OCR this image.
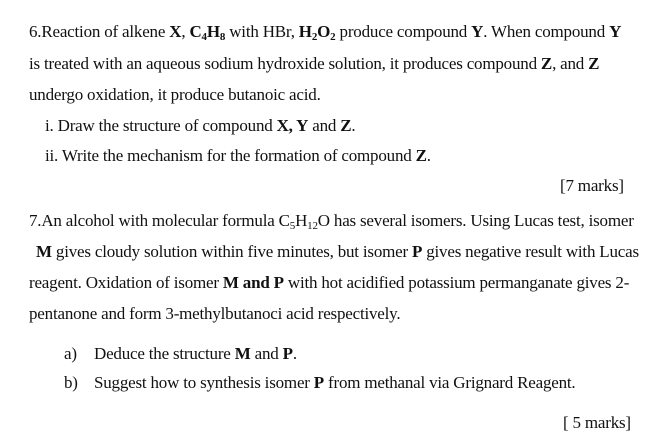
6.Reaction of alkene X, $C_4H_8$ with HBr, $H_2O_2$ produce compound Y. When compound Y
is treated with an aqueous sodium hydroxide solution, it produces compound Z, and Z
undergo oxidation, it produce butanoic acid.
i. Draw the structure of compound X, Y and Z.
ii. Write the mechanism for the formation of compound Z.
[7 marks]
7.An alcohol with molecular formula $C_5H_{12}O$ has several isomers. Using Lucas test, isomer
M gives cloudy solution within five minutes, but isomer P gives negative result with Lucas
reagent. Oxidation of isomer M and P with hot acidified potassium permanganate gives 2-
pentanone and form 3-methylbutanoci acid respectively.
a) Deduce the structure M and P.
b) Suggest how to synthesis isomer P from methanal via Grignard Reagent.
[ 5 marks]
